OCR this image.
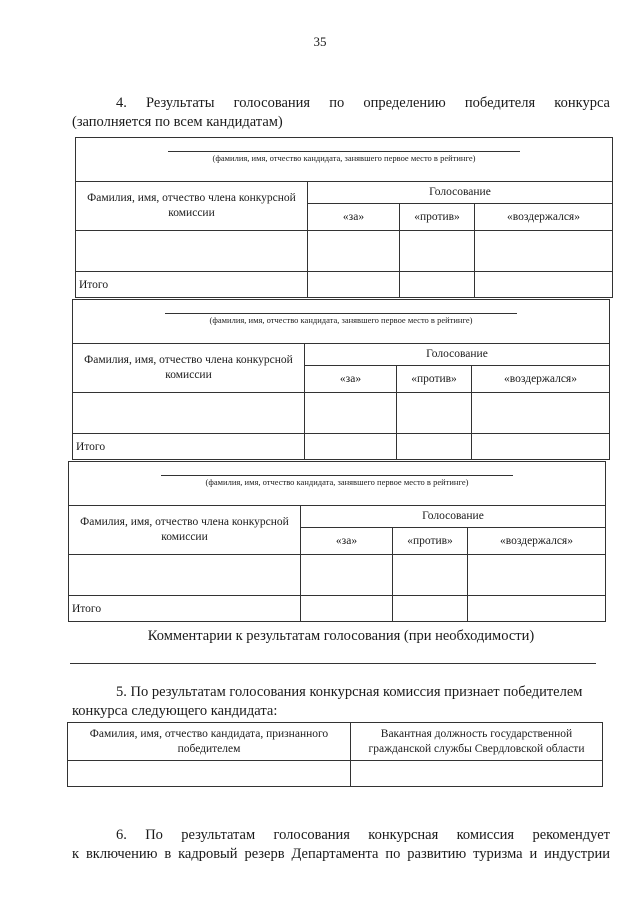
35
4. Результаты голосования по определению победителя конкурса
(заполняется по всем кандидатам)
(фамилия, имя, отчество кандидата, занявшего первое место в рейтинге)			

Фамилия, имя, отчество члена конкурсной комиссии	Голосование		
	«за»	«против»	«воздержался»

Итого			
(фамилия, имя, отчество кандидата, занявшего первое место в рейтинге)			

Фамилия, имя, отчество члена конкурсной комиссии	Голосование		
	«за»	«против»	«воздержался»

Итого			
(фамилия, имя, отчество кандидата, занявшего первое место в рейтинге)			

Фамилия, имя, отчество члена конкурсной комиссии	Голосование		
	«за»	«против»	«воздержался»

Итого			
Комментарии к результатам голосования (при необходимости)
5. По результатам голосования конкурсная комиссия признает победителем
конкурса следующего кандидата:
Фамилия, имя, отчество кандидата, признанного победителем	Вакантная должность государственной гражданской службы Свердловской области

6. По результатам голосования конкурсная комиссия рекомендует
к включению в кадровый резерв Департамента по развитию туризма и индустрии
